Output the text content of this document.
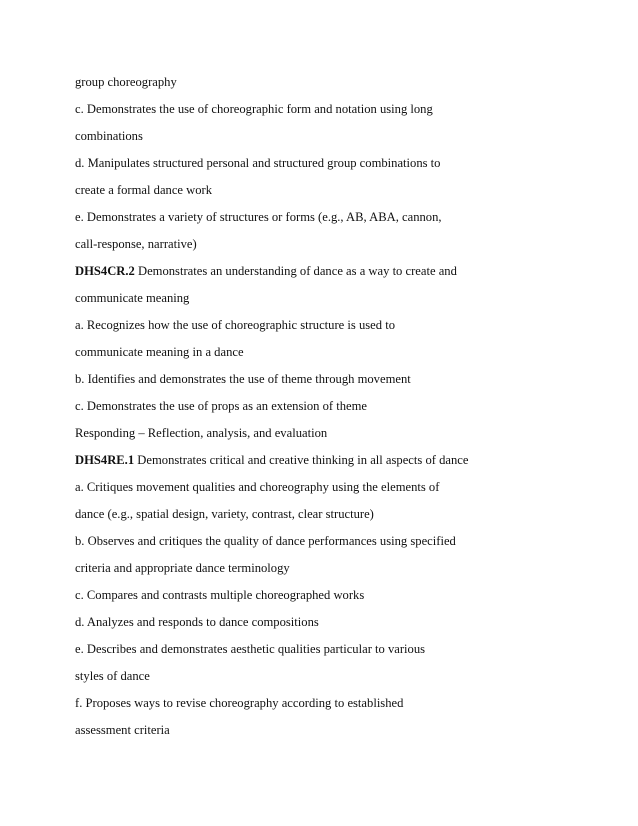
group choreography

c. Demonstrates the use of choreographic form and notation using long

combinations

d. Manipulates structured personal and structured group combinations to

create a formal dance work

e. Demonstrates a variety of structures or forms (e.g., AB, ABA, cannon,

call-response, narrative)

DHS4CR.2 Demonstrates an understanding of dance as a way to create and

communicate meaning

a. Recognizes how the use of choreographic structure is used to

communicate meaning in a dance

b. Identifies and demonstrates the use of theme through movement

c. Demonstrates the use of props as an extension of theme

Responding – Reflection, analysis, and evaluation

DHS4RE.1 Demonstrates critical and creative thinking in all aspects of dance

a. Critiques movement qualities and choreography using the elements of

dance (e.g., spatial design, variety, contrast, clear structure)

b. Observes and critiques the quality of dance performances using specified

criteria and appropriate dance terminology

c. Compares and contrasts multiple choreographed works

d. Analyzes and responds to dance compositions

e. Describes and demonstrates aesthetic qualities particular to various

styles of dance

f. Proposes ways to revise choreography according to established

assessment criteria
